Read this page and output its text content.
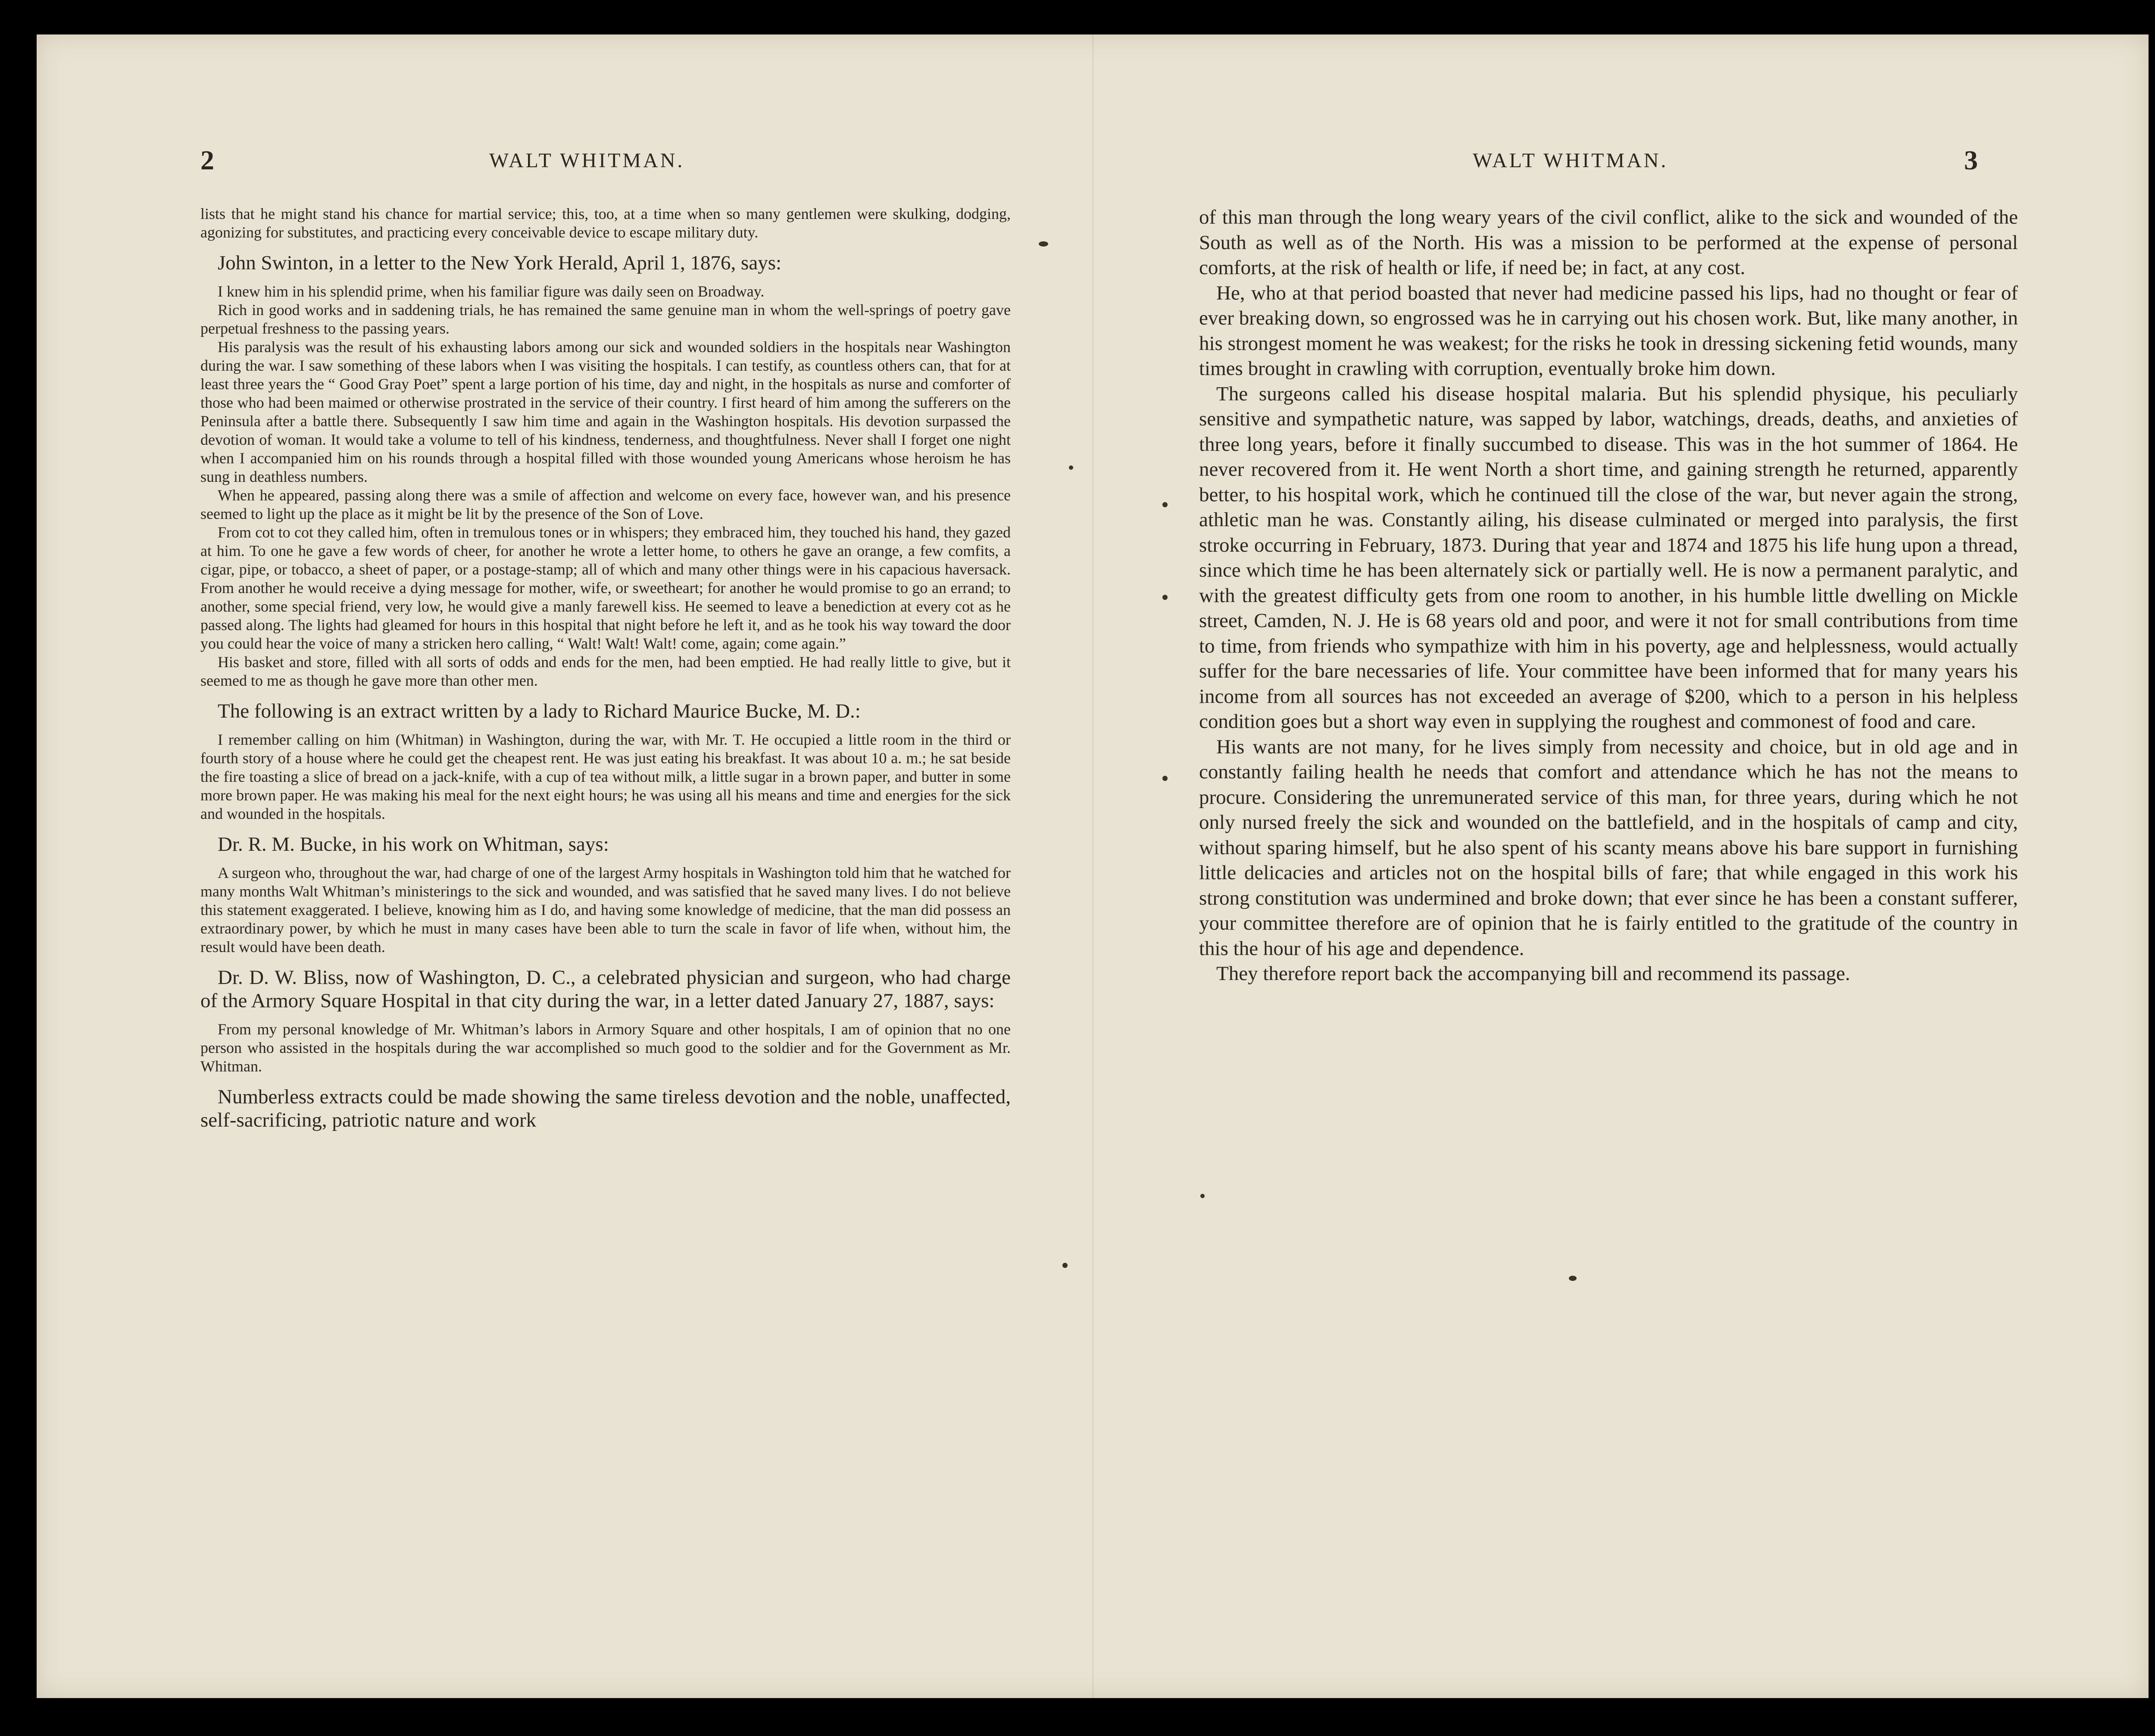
2	WALT WHITMAN.

lists that he might stand his chance for martial service; this, too, at a time when so many gentlemen were skulking, dodging, agonizing for substitutes, and practicing every conceivable device to escape military duty.

John Swinton, in a letter to the New York Herald, April 1, 1876, says:

I knew him in his splendid prime, when his familiar figure was daily seen on Broadway.

Rich in good works and in saddening trials, he has remained the same genuine man in whom the well-springs of poetry gave perpetual freshness to the passing years.

His paralysis was the result of his exhausting labors among our sick and wounded soldiers in the hospitals near Washington during the war. I saw something of these labors when I was visiting the hospitals. I can testify, as countless others can, that for at least three years the “ Good Gray Poet” spent a large portion of his time, day and night, in the hospitals as nurse and comforter of those who had been maimed or otherwise prostrated in the service of their country. I first heard of him among the sufferers on the Peninsula after a battle there. Subsequently I saw him time and again in the Washington hospitals. His devotion surpassed the devotion of woman. It would take a volume to tell of his kindness, tenderness, and thoughtfulness. Never shall I forget one night when I accompanied him on his rounds through a hospital filled with those wounded young Americans whose heroism he has sung in deathless numbers.

When he appeared, passing along there was a smile of affection and welcome on every face, however wan, and his presence seemed to light up the place as it might be lit by the presence of the Son of Love.

From cot to cot they called him, often in tremulous tones or in whispers; they embraced him, they touched his hand, they gazed at him. To one he gave a few words of cheer, for another he wrote a letter home, to others he gave an orange, a few comfits, a cigar, pipe, or tobacco, a sheet of paper, or a postage-stamp; all of which and many other things were in his capacious haversack. From another he would receive a dying message for mother, wife, or sweetheart; for another he would promise to go an errand; to another, some special friend, very low, he would give a manly farewell kiss. He seemed to leave a benediction at every cot as he passed along. The lights had gleamed for hours in this hospital that night before he left it, and as he took his way toward the door you could hear the voice of many a stricken hero calling, “ Walt! Walt! Walt! come, again; come again.”

His basket and store, filled with all sorts of odds and ends for the men, had been emptied. He had really little to give, but it seemed to me as though he gave more than other men.

The following is an extract written by a lady to Richard Maurice Bucke, M. D.:

I remember calling on him (Whitman) in Washington, during the war, with Mr. T. He occupied a little room in the third or fourth story of a house where he could get the cheapest rent. He was just eating his breakfast. It was about 10 a. m.; he sat beside the fire toasting a slice of bread on a jack-knife, with a cup of tea without milk, a little sugar in a brown paper, and butter in some more brown paper. He was making his meal for the next eight hours; he was using all his means and time and energies for the sick and wounded in the hospitals.

Dr. R. M. Bucke, in his work on Whitman, says:

A surgeon who, throughout the war, had charge of one of the largest Army hospitals in Washington told him that he watched for many months Walt Whitman’s ministerings to the sick and wounded, and was satisfied that he saved many lives. I do not believe this statement exaggerated. I believe, knowing him as I do, and having some knowledge of medicine, that the man did possess an extraordinary power, by which he must in many cases have been able to turn the scale in favor of life when, without him, the result would have been death.

Dr. D. W. Bliss, now of Washington, D. C., a celebrated physician and surgeon, who had charge of the Armory Square Hospital in that city during the war, in a letter dated January 27, 1887, says:

From my personal knowledge of Mr. Whitman’s labors in Armory Square and other hospitals, I am of opinion that no one person who assisted in the hospitals during the war accomplished so much good to the soldier and for the Government as Mr. Whitman.

Numberless extracts could be made showing the same tireless devotion and the noble, unaffected, self-sacrificing, patriotic nature and work

WALT WHITMAN.	3

of this man through the long weary years of the civil conflict, alike to the sick and wounded of the South as well as of the North. His was a mission to be performed at the expense of personal comforts, at the risk of health or life, if need be; in fact, at any cost.

He, who at that period boasted that never had medicine passed his lips, had no thought or fear of ever breaking down, so engrossed was he in carrying out his chosen work. But, like many another, in his strongest moment he was weakest; for the risks he took in dressing sickening fetid wounds, many times brought in crawling with corruption, eventually broke him down.

The surgeons called his disease hospital malaria. But his splendid physique, his peculiarly sensitive and sympathetic nature, was sapped by labor, watchings, dreads, deaths, and anxieties of three long years, before it finally succumbed to disease. This was in the hot summer of 1864. He never recovered from it. He went North a short time, and gaining strength he returned, apparently better, to his hospital work, which he continued till the close of the war, but never again the strong, athletic man he was. Constantly ailing, his disease culminated or merged into paralysis, the first stroke occurring in February, 1873. During that year and 1874 and 1875 his life hung upon a thread, since which time he has been alternately sick or partially well. He is now a permanent paralytic, and with the greatest difficulty gets from one room to another, in his humble little dwelling on Mickle street, Camden, N. J. He is 68 years old and poor, and were it not for small contributions from time to time, from friends who sympathize with him in his poverty, age and helplessness, would actually suffer for the bare necessaries of life. Your committee have been informed that for many years his income from all sources has not exceeded an average of $200, which to a person in his helpless condition goes but a short way even in supplying the roughest and commonest of food and care.

His wants are not many, for he lives simply from necessity and choice, but in old age and in constantly failing health he needs that comfort and attendance which he has not the means to procure. Considering the unremunerated service of this man, for three years, during which he not only nursed freely the sick and wounded on the battlefield, and in the hospitals of camp and city, without sparing himself, but he also spent of his scanty means above his bare support in furnishing little delicacies and articles not on the hospital bills of fare; that while engaged in this work his strong constitution was undermined and broke down; that ever since he has been a constant sufferer, your committee therefore are of opinion that he is fairly entitled to the gratitude of the country in this the hour of his age and dependence.

They therefore report back the accompanying bill and recommend its passage.
